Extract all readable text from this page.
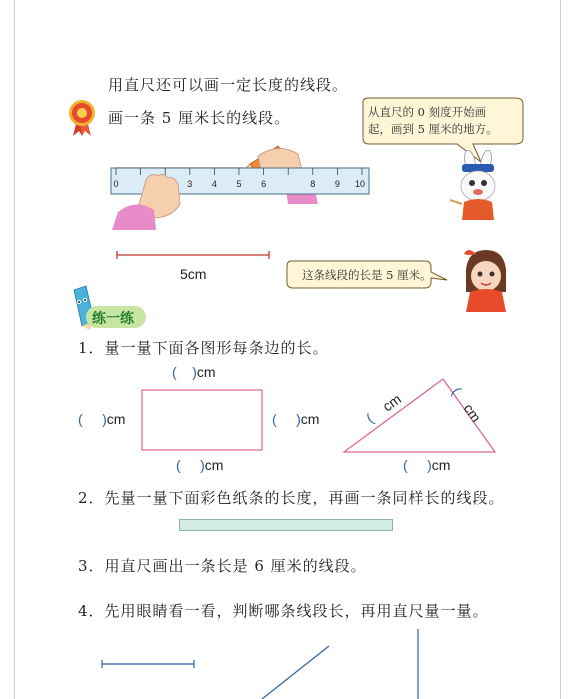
用直尺还可以画一定长度的线段。
画一条 5 厘米长的线段。	从直尺的 0 刻度开始画
起，画到 5 厘米的地方。
0	3 4 5 6	8 9 10
5cm	这条线段的长是 5 厘米。
练一练
1．量一量下面各图形每条边的长。
( )cm
( )cm	( )cm
( )cm	( )cm
(    cm
(    cm
2．先量一量下面彩色纸条的长度，再画一条同样长的线段。
3．用直尺画出一条长是 6 厘米的线段。
4．先用眼睛看一看，判断哪条线段长，再用直尺量一量。
